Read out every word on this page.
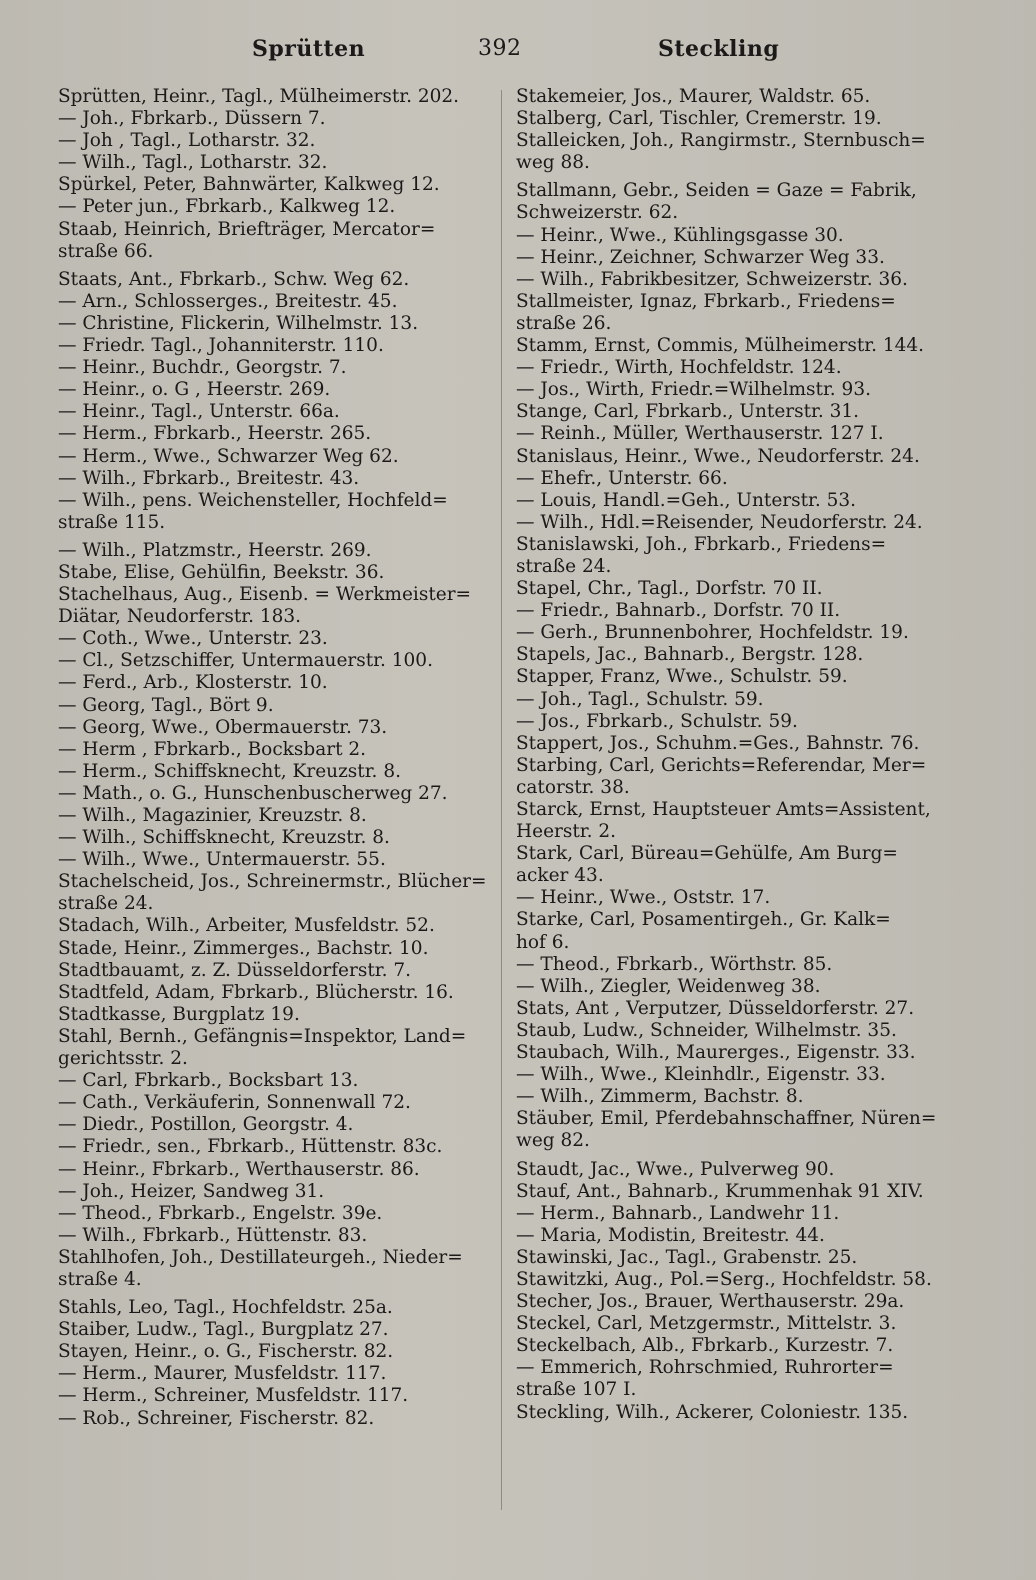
Sprütten	392	Steckling
Sprütten, Heinr., Tagl., Mülheimerstr. 202.
— Joh., Fbrkarb., Düssern 7.
— Joh , Tagl., Lotharstr. 32.
— Wilh., Tagl., Lotharstr. 32.
Spürkel, Peter, Bahnwärter, Kalkweg 12.
— Peter jun., Fbrkarb., Kalkweg 12.
Staab, Heinrich, Briefträger, Mercator=
straße 66.
Staats, Ant., Fbrkarb., Schw. Weg 62.
— Arn., Schlosserges., Breitestr. 45.
— Christine, Flickerin, Wilhelmstr. 13.
— Friedr. Tagl., Johanniterstr. 110.
— Heinr., Buchdr., Georgstr. 7.
— Heinr., o. G , Heerstr. 269.
— Heinr., Tagl., Unterstr. 66a.
— Herm., Fbrkarb., Heerstr. 265.
— Herm., Wwe., Schwarzer Weg 62.
— Wilh., Fbrkarb., Breitestr. 43.
— Wilh., pens. Weichensteller, Hochfeld=
straße 115.
— Wilh., Platzmstr., Heerstr. 269.
Stabe, Elise, Gehülfin, Beekstr. 36.
Stachelhaus, Aug., Eisenb. = Werkmeister=
Diätar, Neudorferstr. 183.
— Coth., Wwe., Unterstr. 23.
— Cl., Setzschiffer, Untermauerstr. 100.
— Ferd., Arb., Klosterstr. 10.
— Georg, Tagl., Bört 9.
— Georg, Wwe., Obermauerstr. 73.
— Herm , Fbrkarb., Bocksbart 2.
— Herm., Schiffsknecht, Kreuzstr. 8.
— Math., o. G., Hunschenbuscherweg 27.
— Wilh., Magazinier, Kreuzstr. 8.
— Wilh., Schiffsknecht, Kreuzstr. 8.
— Wilh., Wwe., Untermauerstr. 55.
Stachelscheid, Jos., Schreinermstr., Blücher=
straße 24.
Stadach, Wilh., Arbeiter, Musfeldstr. 52.
Stade, Heinr., Zimmerges., Bachstr. 10.
Stadtbauamt, z. Z. Düsseldorferstr. 7.
Stadtfeld, Adam, Fbrkarb., Blücherstr. 16.
Stadtkasse, Burgplatz 19.
Stahl, Bernh., Gefängnis=Inspektor, Land=
gerichtsstr. 2.
— Carl, Fbrkarb., Bocksbart 13.
— Cath., Verkäuferin, Sonnenwall 72.
— Diedr., Postillon, Georgstr. 4.
— Friedr., sen., Fbrkarb., Hüttenstr. 83c.
— Heinr., Fbrkarb., Werthauserstr. 86.
— Joh., Heizer, Sandweg 31.
— Theod., Fbrkarb., Engelstr. 39e.
— Wilh., Fbrkarb., Hüttenstr. 83.
Stahlhofen, Joh., Destillateurgeh., Nieder=
straße 4.
Stahls, Leo, Tagl., Hochfeldstr. 25a.
Staiber, Ludw., Tagl., Burgplatz 27.
Stayen, Heinr., o. G., Fischerstr. 82.
— Herm., Maurer, Musfeldstr. 117.
— Herm., Schreiner, Musfeldstr. 117.
— Rob., Schreiner, Fischerstr. 82.
Stakemeier, Jos., Maurer, Waldstr. 65.
Stalberg, Carl, Tischler, Cremerstr. 19.
Stalleicken, Joh., Rangirmstr., Sternbusch=
weg 88.
Stallmann, Gebr., Seiden = Gaze = Fabrik,
Schweizerstr. 62.
— Heinr., Wwe., Kühlingsgasse 30.
— Heinr., Zeichner, Schwarzer Weg 33.
— Wilh., Fabrikbesitzer, Schweizerstr. 36.
Stallmeister, Ignaz, Fbrkarb., Friedens=
straße 26.
Stamm, Ernst, Commis, Mülheimerstr. 144.
— Friedr., Wirth, Hochfeldstr. 124.
— Jos., Wirth, Friedr.=Wilhelmstr. 93.
Stange, Carl, Fbrkarb., Unterstr. 31.
— Reinh., Müller, Werthauserstr. 127 I.
Stanislaus, Heinr., Wwe., Neudorferstr. 24.
— Ehefr., Unterstr. 66.
— Louis, Handl.=Geh., Unterstr. 53.
— Wilh., Hdl.=Reisender, Neudorferstr. 24.
Stanislawski, Joh., Fbrkarb., Friedens=
straße 24.
Stapel, Chr., Tagl., Dorfstr. 70 II.
— Friedr., Bahnarb., Dorfstr. 70 II.
— Gerh., Brunnenbohrer, Hochfeldstr. 19.
Stapels, Jac., Bahnarb., Bergstr. 128.
Stapper, Franz, Wwe., Schulstr. 59.
— Joh., Tagl., Schulstr. 59.
— Jos., Fbrkarb., Schulstr. 59.
Stappert, Jos., Schuhm.=Ges., Bahnstr. 76.
Starbing, Carl, Gerichts=Referendar, Mer=
catorstr. 38.
Starck, Ernst, Hauptsteuer Amts=Assistent,
Heerstr. 2.
Stark, Carl, Büreau=Gehülfe, Am Burg=
acker 43.
— Heinr., Wwe., Oststr. 17.
Starke, Carl, Posamentirgeh., Gr. Kalk=
hof 6.
— Theod., Fbrkarb., Wörthstr. 85.
— Wilh., Ziegler, Weidenweg 38.
Stats, Ant , Verputzer, Düsseldorferstr. 27.
Staub, Ludw., Schneider, Wilhelmstr. 35.
Staubach, Wilh., Maurerges., Eigenstr. 33.
— Wilh., Wwe., Kleinhdlr., Eigenstr. 33.
— Wilh., Zimmerm, Bachstr. 8.
Stäuber, Emil, Pferdebahnschaffner, Nüren=
weg 82.
Staudt, Jac., Wwe., Pulverweg 90.
Stauf, Ant., Bahnarb., Krummenhak 91 XIV.
— Herm., Bahnarb., Landwehr 11.
— Maria, Modistin, Breitestr. 44.
Stawinski, Jac., Tagl., Grabenstr. 25.
Stawitzki, Aug., Pol.=Serg., Hochfeldstr. 58.
Stecher, Jos., Brauer, Werthauserstr. 29a.
Steckel, Carl, Metzgermstr., Mittelstr. 3.
Steckelbach, Alb., Fbrkarb., Kurzestr. 7.
— Emmerich, Rohrschmied, Ruhrorter=
straße 107 I.
Steckling, Wilh., Ackerer, Coloniestr. 135.
